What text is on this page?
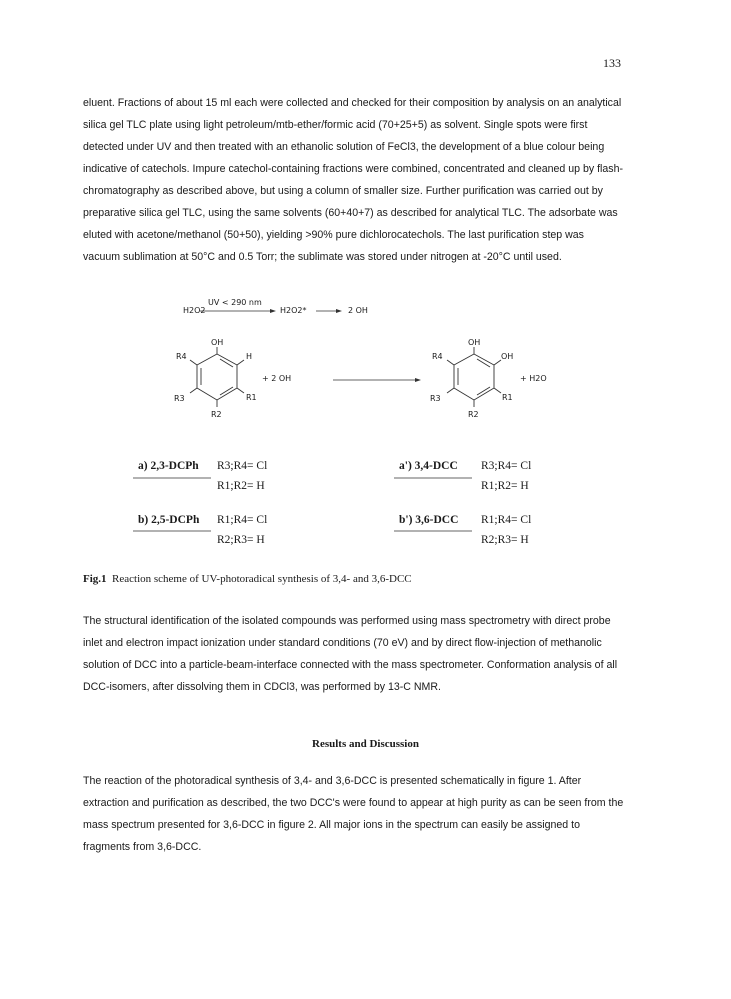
133

eluent. Fractions of about 15 ml each were collected and checked for their composition by analysis on an analytical

silica gel TLC plate using light petroleum/mtb-ether/formic acid (70+25+5) as solvent. Single spots were first

detected under UV and then treated with an ethanolic solution of FeCl3, the development of a blue colour being

indicative of catechols. Impure catechol-containing fractions were combined, concentrated and cleaned up by flash-

chromatography as described above, but using a column of smaller size. Further purification was carried out by

preparative silica gel TLC, using the same solvents (60+40+7) as described for analytical TLC. The adsorbate was

eluted with acetone/methanol (50+50), yielding >90% pure dichlorocatechols. The last purification step was

vacuum sublimation at 50°C and 0.5 Torr; the sublimate was stored under nitrogen at -20°C until used.

UV < 290 nm
H2O2	H2O2*	2 OH
OH
R4	H
R3	R1
R2
+ 2 OH
OH
R4	OH
R3	R1
R2
+ H2O
a) 2,3-DCPh R3;R4= Cl
R1;R2= H
a') 3,4-DCC R3;R4= Cl
R1;R2= H
b) 2,5-DCPh R1;R4= Cl
R2;R3= H
b') 3,6-DCC R1;R4= Cl
R2;R3= H
Fig.1 Reaction scheme of UV-photoradical synthesis of 3,4- and 3,6-DCC

The structural identification of the isolated compounds was performed using mass spectrometry with direct probe

inlet and electron impact ionization under standard conditions (70 eV) and by direct flow-injection of methanolic

solution of DCC into a particle-beam-interface connected with the mass spectrometer. Conformation analysis of all

DCC-isomers, after dissolving them in CDCl3, was performed by 13-C NMR.

Results and Discussion

The reaction of the photoradical synthesis of 3,4- and 3,6-DCC is presented schematically in figure 1. After

extraction and purification as described, the two DCC's were found to appear at high purity as can be seen from the

mass spectrum presented for 3,6-DCC in figure 2. All major ions in the spectrum can easily be assigned to

fragments from 3,6-DCC.
